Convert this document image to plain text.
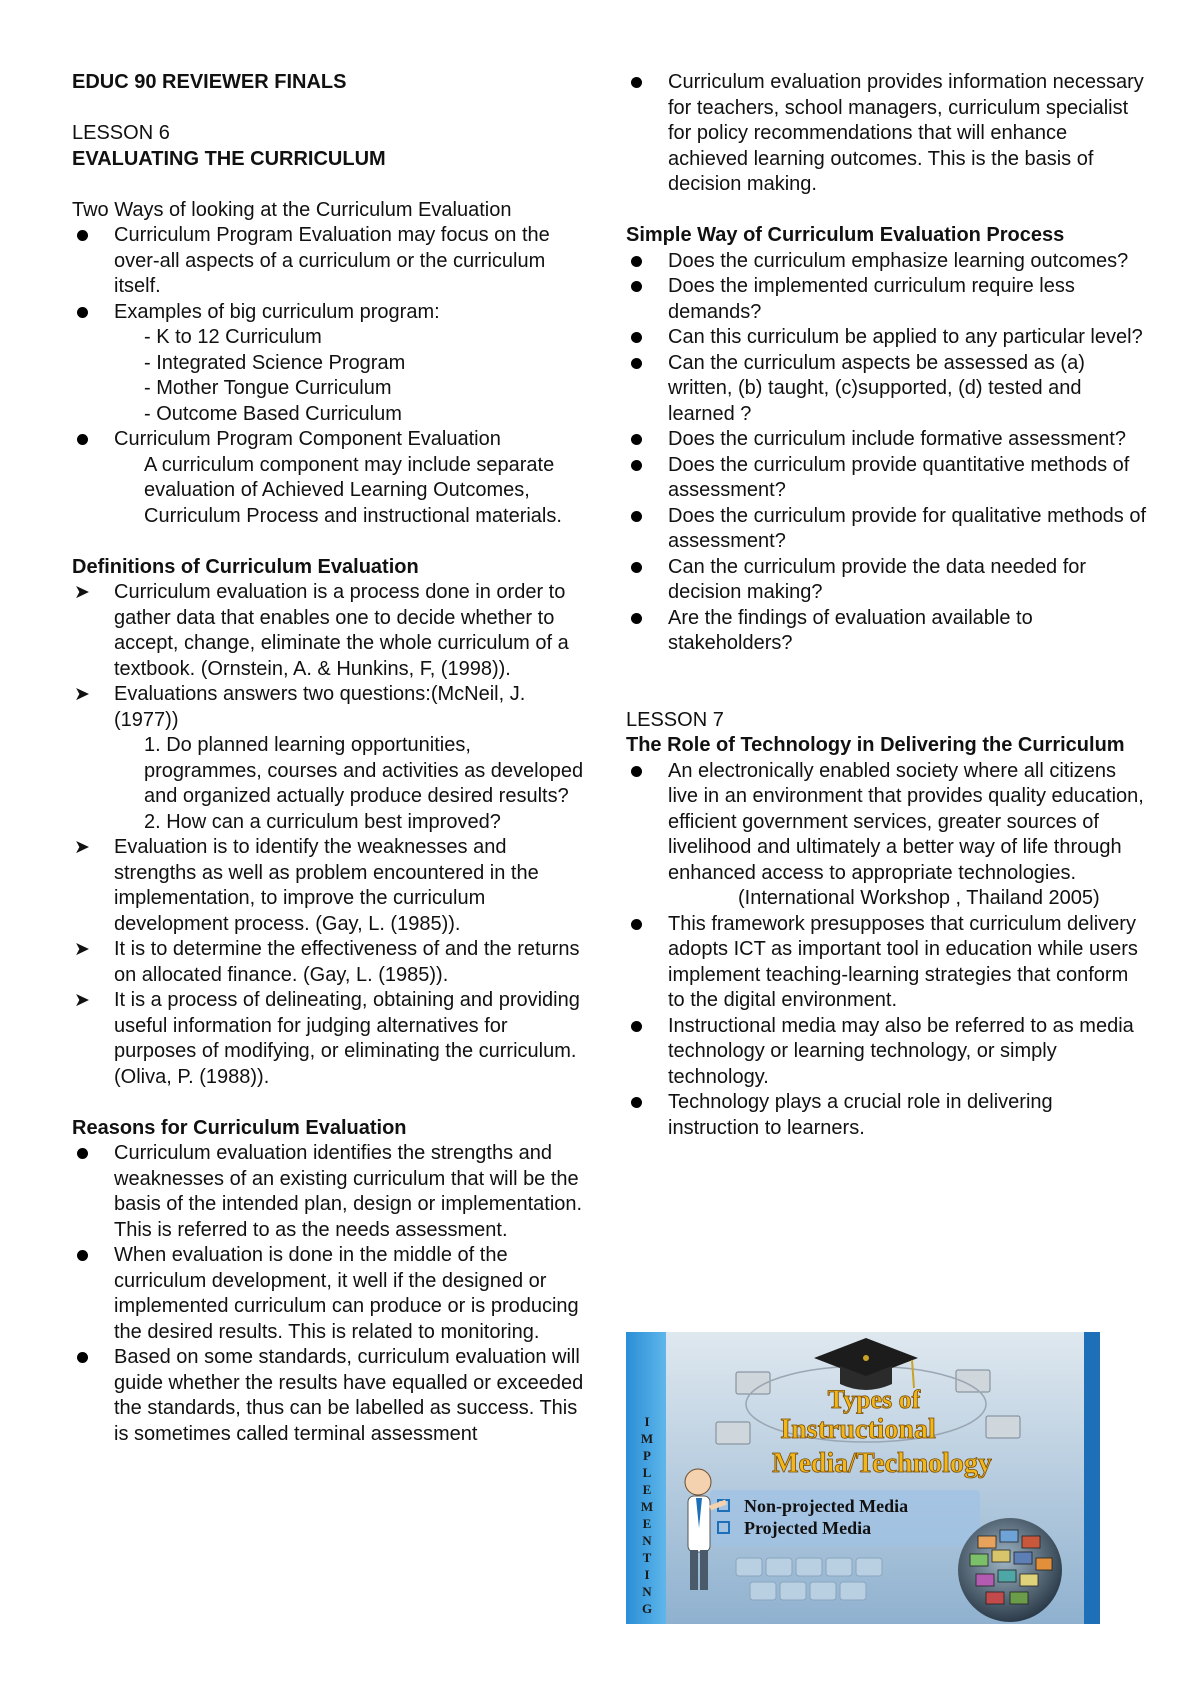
EDUC 90 REVIEWER FINALS
LESSON 6
EVALUATING THE CURRICULUM
Two Ways of looking at the Curriculum Evaluation
Curriculum Program Evaluation may focus on the over-all aspects of a curriculum or the curriculum itself.
Examples of big curriculum program:
- K to 12 Curriculum
- Integrated Science Program
- Mother Tongue Curriculum
- Outcome Based Curriculum
Curriculum Program Component Evaluation
A curriculum component may include separate evaluation of Achieved Learning Outcomes, Curriculum Process and instructional materials.
Definitions of Curriculum Evaluation
➤ Curriculum evaluation is a process done in order to gather data that enables one to decide whether to accept, change, eliminate the whole curriculum of a textbook. (Ornstein, A. & Hunkins, F, (1998)).
➤ Evaluations answers two questions:(McNeil, J. (1977))
1. Do planned learning opportunities, programmes, courses and activities as developed and organized actually produce desired results?
2. How can a curriculum best improved?
➤ Evaluation is to identify the weaknesses and strengths as well as problem encountered in the implementation, to improve the curriculum development process. (Gay, L. (1985)).
➤ It is to determine the effectiveness of and the returns on allocated finance. (Gay, L. (1985)).
➤ It is a process of delineating, obtaining and providing useful information for judging alternatives for purposes of modifying, or eliminating the curriculum. (Oliva, P. (1988)).
Reasons for Curriculum Evaluation
Curriculum evaluation identifies the strengths and weaknesses of an existing curriculum that will be the basis of the intended plan, design or implementation. This is referred to as the needs assessment.
When evaluation is done in the middle of the curriculum development, it well if the designed or implemented curriculum can produce or is producing the desired results. This is related to monitoring.
Based on some standards, curriculum evaluation will guide whether the results have equalled or exceeded the standards, thus can be labelled as success. This is sometimes called terminal assessment
Curriculum evaluation provides information necessary for teachers, school managers, curriculum specialist for policy recommendations that will enhance achieved learning outcomes. This is the basis of decision making.
Simple Way of Curriculum Evaluation Process
Does the curriculum emphasize learning outcomes?
Does the implemented curriculum require less demands?
Can this curriculum be applied to any particular level?
Can the curriculum aspects be assessed as (a) written, (b) taught, (c)supported, (d) tested and learned ?
Does the curriculum include formative assessment?
Does the curriculum provide quantitative methods of assessment?
Does the curriculum provide for qualitative methods of assessment?
Can the curriculum provide the data needed for decision making?
Are the findings of evaluation available to stakeholders?
LESSON 7
The Role of Technology in Delivering the Curriculum
An electronically enabled society where all citizens live in an environment that provides quality education, efficient government services, greater sources of livelihood and ultimately a better way of life through enhanced access to appropriate technologies.
(International Workshop , Thailand 2005)
This framework presupposes that curriculum delivery adopts ICT as important tool in education while users implement teaching-learning strategies that conform to the digital environment.
Instructional media may also be referred to as media technology or learning technology, or simply technology.
Technology plays a crucial role in delivering instruction to learners.
I
M
P
L
E
M
E
N
T
I
N
G
Types of
Instructional
Media/Technology
Non-projected Media
Projected Media
